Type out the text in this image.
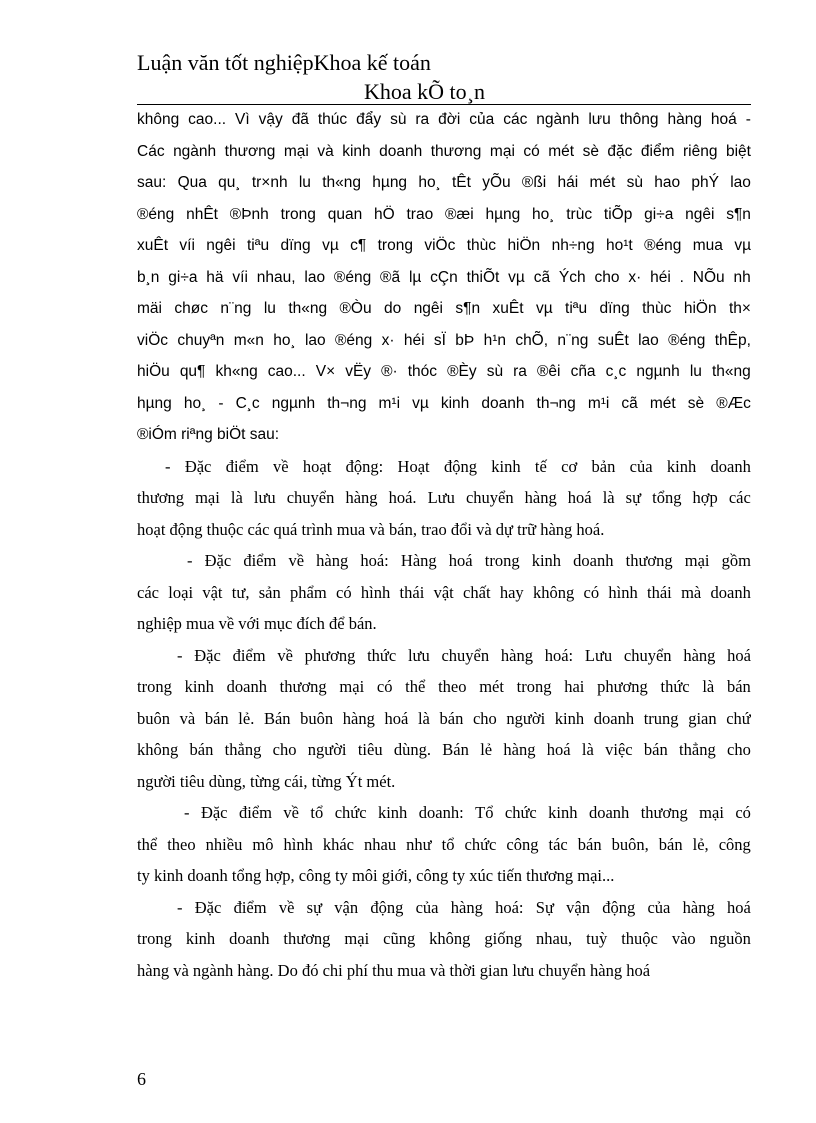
Luận văn tốt nghiệpKhoa kế toán
Khoa kÕ to¸n
không cao... Vì vậy đã thúc đẩy sù ra đời của các ngành lưu thông hàng hoá -
Các ngành thương mại và kinh doanh thương mại có mét sè đặc điểm riêng biệt
sau: Qua qu¸ tr×nh lu th«ng hµng ho¸ tÊt yÕu ®ßi hái mét sù hao phÝ lao
®éng nhÊt ®Þnh trong quan hÖ trao ®æi hµng ho¸ trùc tiÕp gi÷a ngêi s¶n
xuÊt víi ngêi tiªu dïng vµ c¶ trong viÖc thùc hiÖn nh÷ng ho¹t ®éng mua vµ
b¸n gi÷a hä víi nhau, lao ®éng ®ã lµ cÇn thiÕt vµ cã Ých cho x· héi . NÕu nh
mäi chøc n¨ng lu th«ng ®Òu do ngêi s¶n xuÊt vµ tiªu dïng thùc hiÖn th×
viÖc chuyªn m«n ho¸ lao ®éng x· héi sÏ bÞ h¹n chÕ, n¨ng suÊt lao ®éng thÊp,
hiÖu qu¶ kh«ng cao... V× vËy ®· thóc ®Èy sù ra ®êi cña c¸c ngµnh lu th«ng
hµng ho¸ - C¸c ngµnh th¬ng m¹i vµ kinh doanh th¬ng m¹i cã mét sè ®Æc
®iÓm riªng biÖt sau:
- Đặc điểm về hoạt động: Hoạt động kinh tế cơ bản của kinh doanh
thương mại là lưu chuyển hàng hoá. Lưu chuyển hàng hoá là sự tổng hợp các
hoạt động thuộc các quá trình mua và bán, trao đổi và dự trữ hàng hoá.
- Đặc điểm về hàng hoá: Hàng hoá trong kinh doanh thương mại gồm
các loại vật tư, sản phẩm có hình thái vật chất hay không có hình thái mà doanh
nghiệp mua về với mục đích để bán.
- Đặc điểm về phương thức lưu chuyển hàng hoá: Lưu chuyển hàng hoá
trong kinh doanh thương mại có thể theo mét trong hai phương thức là bán
buôn và bán lẻ. Bán buôn hàng hoá là bán cho người kinh doanh trung gian chứ
không bán thẳng cho người tiêu dùng. Bán lẻ hàng hoá là việc bán thẳng cho
người tiêu dùng, từng cái, từng Ýt mét.
- Đặc điểm về tổ chức kinh doanh: Tổ chức kinh doanh thương mại có
thể theo nhiều mô hình khác nhau như tổ chức công tác bán buôn, bán lẻ, công
ty kinh doanh tổng hợp, công ty môi giới, công ty xúc tiến thương mại...
- Đặc điểm về sự vận động của hàng hoá: Sự vận động của hàng hoá
trong kinh doanh thương mại cũng không giống nhau, tuỳ thuộc vào nguồn
hàng và ngành hàng. Do đó chi phí thu mua và thời gian lưu chuyển hàng hoá
6
